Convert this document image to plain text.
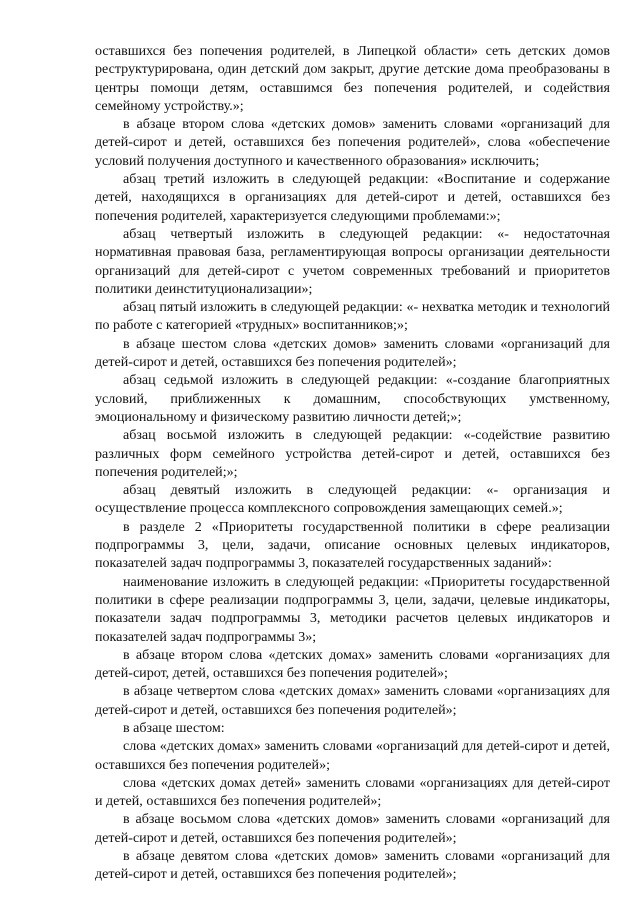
оставшихся без попечения родителей, в Липецкой области» сеть детских домов реструктурирована, один детский дом закрыт, другие детские дома преобразованы в центры помощи детям, оставшимся без попечения родителей, и содействия семейному устройству.»;

в абзаце втором слова «детских домов» заменить словами «организаций для детей-сирот и детей, оставшихся без попечения родителей», слова «обеспечение условий получения доступного и качественного образования» исключить;

абзац третий изложить в следующей редакции: «Воспитание и содержание детей, находящихся в организациях для детей-сирот и детей, оставшихся без попечения родителей, характеризуется следующими проблемами:»;

абзац четвертый изложить в следующей редакции: «- недостаточная нормативная правовая база, регламентирующая вопросы организации деятельности организаций для детей-сирот с учетом современных требований и приоритетов политики деинституционализации»;

абзац пятый изложить в следующей редакции: «- нехватка методик и технологий по работе с категорией «трудных» воспитанников;»;

в абзаце шестом слова «детских домов» заменить словами «организаций для детей-сирот и детей, оставшихся без попечения родителей»;

абзац седьмой изложить в следующей редакции: «-создание благоприятных условий, приближенных к домашним, способствующих умственному, эмоциональному и физическому развитию личности детей;»;

абзац восьмой изложить в следующей редакции: «-содействие развитию различных форм семейного устройства детей-сирот и детей, оставшихся без попечения родителей;»;

абзац девятый изложить в следующей редакции: «- организация и осуществление процесса комплексного сопровождения замещающих семей.»;

в разделе 2 «Приоритеты государственной политики в сфере реализации подпрограммы 3, цели, задачи, описание основных целевых индикаторов, показателей задач подпрограммы 3, показателей государственных заданий»:

наименование изложить в следующей редакции: «Приоритеты государственной политики в сфере реализации подпрограммы 3, цели, задачи, целевые индикаторы, показатели задач подпрограммы 3, методики расчетов целевых индикаторов и показателей задач подпрограммы 3»;

в абзаце втором слова «детских домах» заменить словами «организациях для детей-сирот, детей, оставшихся без попечения родителей»;

в абзаце четвертом слова «детских домах» заменить словами «организациях для детей-сирот и детей, оставшихся без попечения родителей»;

в абзаце шестом:

слова «детских домах» заменить словами «организаций для детей-сирот и детей, оставшихся без попечения родителей»;

слова «детских домах детей» заменить словами «организациях для детей-сирот и детей, оставшихся без попечения родителей»;

в абзаце восьмом слова «детских домов» заменить словами «организаций для детей-сирот и детей, оставшихся без попечения родителей»;

в абзаце девятом слова «детских домов» заменить словами «организаций для детей-сирот и детей, оставшихся без попечения родителей»;
